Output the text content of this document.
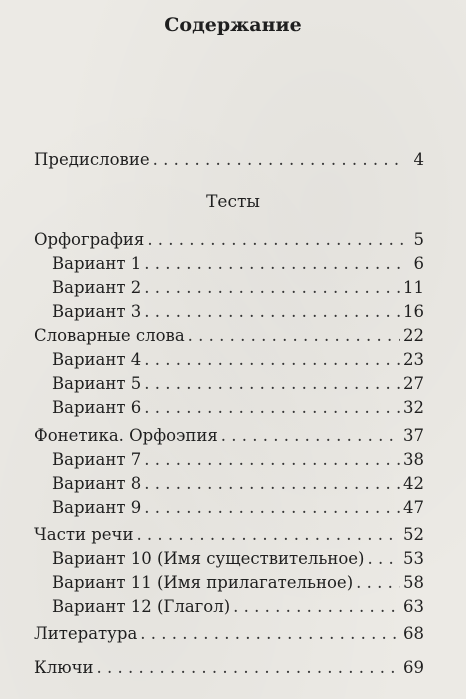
Содержание
Предисловие . . .	4
Тесты
Орфография . . .	5
Вариант 1 . . .	6
Вариант 2 . . .	11
Вариант 3 . . .	16
Словарные слова . . .	22
Вариант 4 . . .	23
Вариант 5 . . .	27
Вариант 6 . . .	32
Фонетика. Орфоэпия . . .	37
Вариант 7 . . .	38
Вариант 8 . . .	42
Вариант 9 . . .	47
Части речи . . .	52
Вариант 10 (Имя существительное) . . . 53
Вариант 11 (Имя прилагательное) . . .	58
Вариант 12 (Глагол) . . .	63
Литература . . .	68
Ключи . . .	69
